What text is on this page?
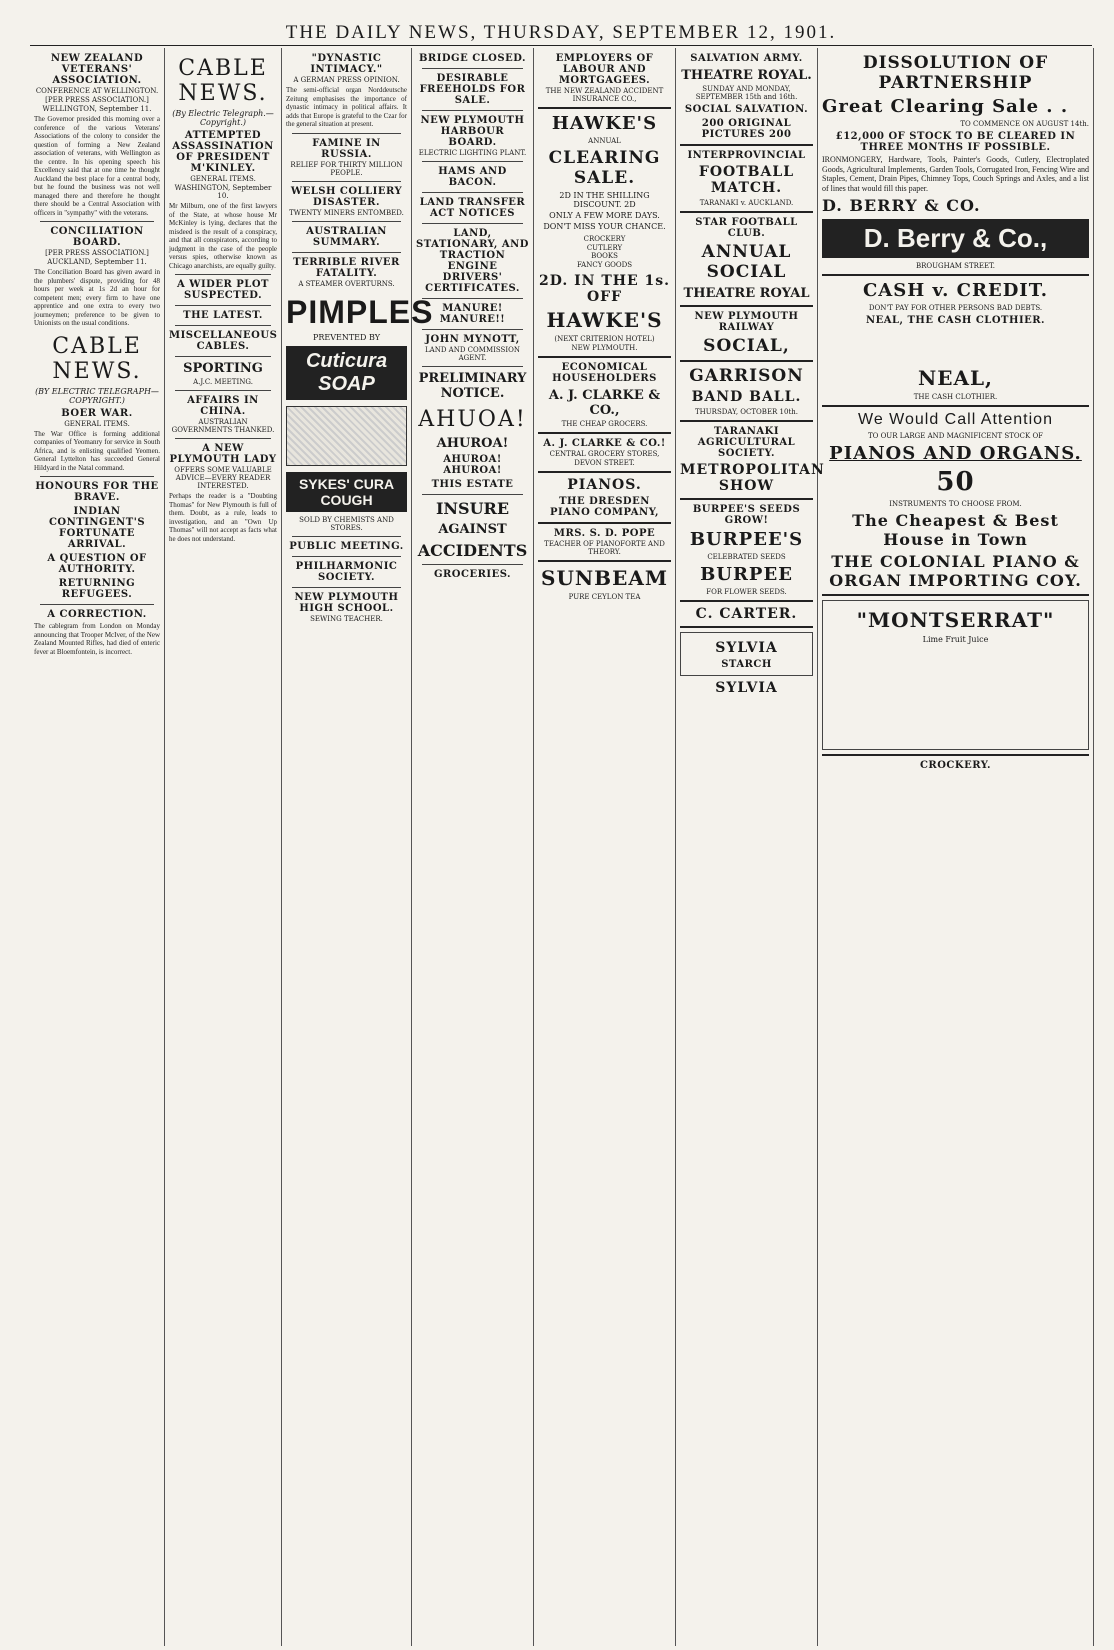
THE DAILY NEWS, THURSDAY, SEPTEMBER 12, 1901.
NEW ZEALAND VETERANS' ASSOCIATION.
CONFERENCE AT WELLINGTON.
[PER PRESS ASSOCIATION.]
WELLINGTON, September 11.
The Governor presided this morning over a conference of the various Veterans' Associations of the colony to consider the question of forming a New Zealand association of veterans, with Wellington as the centre. In his opening speech his Excellency said that at one time he thought Auckland the best place for a central body, but he found the business was not well managed there and therefore he thought there should be a Central Association with officers in "sympathy" with the veterans.
CONCILIATION BOARD.
[PER PRESS ASSOCIATION.]
AUCKLAND, September 11.
The Conciliation Board has given award in the plumbers' dispute, providing for 48 hours per week at 1s 2d an hour for competent men; every firm to have one apprentice and one extra to every two journeymen; preference to be given to Unionists on the usual conditions.
CABLE NEWS.
(BY ELECTRIC TELEGRAPH—COPYRIGHT.)
BOER WAR.
GENERAL ITEMS.
The War Office is forming additional companies of Yeomanry for service in South Africa, and is enlisting qualified Yeomen. General Lyttelton has succeeded General Hildyard in the Natal command.
HONOURS FOR THE BRAVE.
INDIAN CONTINGENT'S FORTUNATE ARRIVAL.
A QUESTION OF AUTHORITY.
RETURNING REFUGEES.
A CORRECTION.
The cablegram from London on Monday announcing that Trooper McIver, of the New Zealand Mounted Rifles, had died of enteric fever at Bloemfontein, is incorrect.
CABLE NEWS.
(By Electric Telegraph.—Copyright.)
ATTEMPTED ASSASSINATION OF PRESIDENT M'KINLEY.
GENERAL ITEMS.
WASHINGTON, September 10.
Mr Milburn, one of the first lawyers of the State, at whose house Mr McKinley is lying, declares that the misdeed is the result of a conspiracy, and that all conspirators, according to judgment in the case of the people versus spies, otherwise known as Chicago anarchists, are equally guilty.
A WIDER PLOT SUSPECTED.
THE LATEST.
MISCELLANEOUS CABLES.
SPORTING
A.J.C. MEETING.
AFFAIRS IN CHINA.
AUSTRALIAN GOVERNMENTS THANKED.
A NEW PLYMOUTH LADY
OFFERS SOME VALUABLE ADVICE—EVERY READER INTERESTED.
Perhaps the reader is a "Doubting Thomas" for New Plymouth is full of them. Doubt, as a rule, leads to investigation, and an "Own Up Thomas" will not accept as facts what he does not understand.
"DYNASTIC INTIMACY."
A GERMAN PRESS OPINION.
The semi-official organ Norddeutsche Zeitung emphasises the importance of dynastic intimacy in political affairs. It adds that Europe is grateful to the Czar for the general situation at present.
FAMINE IN RUSSIA.
RELIEF FOR THIRTY MILLION PEOPLE.
WELSH COLLIERY DISASTER.
TWENTY MINERS ENTOMBED.
AUSTRALIAN SUMMARY.
TERRIBLE RIVER FATALITY.
A STEAMER OVERTURNS.
PIMPLES
PREVENTED BY
Cuticura SOAP
SYKES' CURA COUGH
SOLD BY CHEMISTS AND STORES.
PUBLIC MEETING.
PHILHARMONIC SOCIETY.
NEW PLYMOUTH HIGH SCHOOL.
SEWING TEACHER.
BRIDGE CLOSED.
DESIRABLE FREEHOLDS FOR SALE.
NEW PLYMOUTH HARBOUR BOARD.
ELECTRIC LIGHTING PLANT.
HAMS AND BACON.
LAND TRANSFER ACT NOTICES
LAND, STATIONARY, AND TRACTION ENGINE DRIVERS' CERTIFICATES.
MANURE! MANURE!!
JOHN MYNOTT,
LAND AND COMMISSION AGENT.
PRELIMINARY NOTICE.
AHUOA!
AHUROA!
AHUROA! AHUROA!
THIS ESTATE
INSURE
AGAINST
ACCIDENTS
GROCERIES.
EMPLOYERS OF LABOUR AND MORTGAGEES.
THE NEW ZEALAND ACCIDENT INSURANCE CO.,
HAWKE'S
ANNUAL
CLEARING SALE.
2D IN THE SHILLING DISCOUNT. 2D
ONLY A FEW MORE DAYS.
DON'T MISS YOUR CHANCE.
CROCKERY
CUTLERY
BOOKS
FANCY GOODS
2D. IN THE 1s. OFF
HAWKE'S
(NEXT CRITERION HOTEL)
NEW PLYMOUTH.
ECONOMICAL HOUSEHOLDERS
A. J. CLARKE & CO.,
THE CHEAP GROCERS.
A. J. CLARKE & CO.!
CENTRAL GROCERY STORES,
DEVON STREET.
PIANOS.
THE DRESDEN PIANO COMPANY,
MRS. S. D. POPE
TEACHER OF PIANOFORTE AND THEORY.
SUNBEAM
PURE CEYLON TEA
SALVATION ARMY.
THEATRE ROYAL.
SUNDAY AND MONDAY, SEPTEMBER 15th and 16th.
SOCIAL SALVATION.
200 ORIGINAL PICTURES 200
INTERPROVINCIAL
FOOTBALL MATCH.
TARANAKI v. AUCKLAND.
STAR FOOTBALL CLUB.
ANNUAL SOCIAL
THEATRE ROYAL
NEW PLYMOUTH RAILWAY
SOCIAL,
GARRISON
BAND BALL.
THURSDAY, OCTOBER 10th.
TARANAKI AGRICULTURAL SOCIETY.
METROPOLITAN SHOW
BURPEE'S SEEDS GROW!
BURPEE'S
CELEBRATED SEEDS
BURPEE
FOR FLOWER SEEDS.
C. CARTER.
SYLVIA
STARCH
SYLVIA
DISSOLUTION OF PARTNERSHIP
Great Clearing Sale . .
TO COMMENCE ON AUGUST 14th.
£12,000 OF STOCK TO BE CLEARED IN THREE MONTHS IF POSSIBLE.
IRONMONGERY, Hardware, Tools, Painter's Goods, Cutlery, Electroplated Goods, Agricultural Implements, Garden Tools, Corrugated Iron, Fencing Wire and Staples, Cement, Drain Pipes, Chimney Tops, Couch Springs and Axles, and a list of lines that would fill this paper.
D. BERRY & CO.
D. Berry & Co.,
BROUGHAM STREET.
CASH v. CREDIT.
DON'T PAY FOR OTHER PERSONS BAD DEBTS.
NEAL, THE CASH CLOTHIER.
NEAL,
THE CASH CLOTHIER.
We Would Call Attention
TO OUR LARGE AND MAGNIFICENT STOCK OF
PIANOS AND ORGANS.
50
INSTRUMENTS TO CHOOSE FROM.
The Cheapest & Best House in Town
THE COLONIAL PIANO & ORGAN IMPORTING COY.
"MONTSERRAT"
Lime Fruit Juice
CROCKERY.
